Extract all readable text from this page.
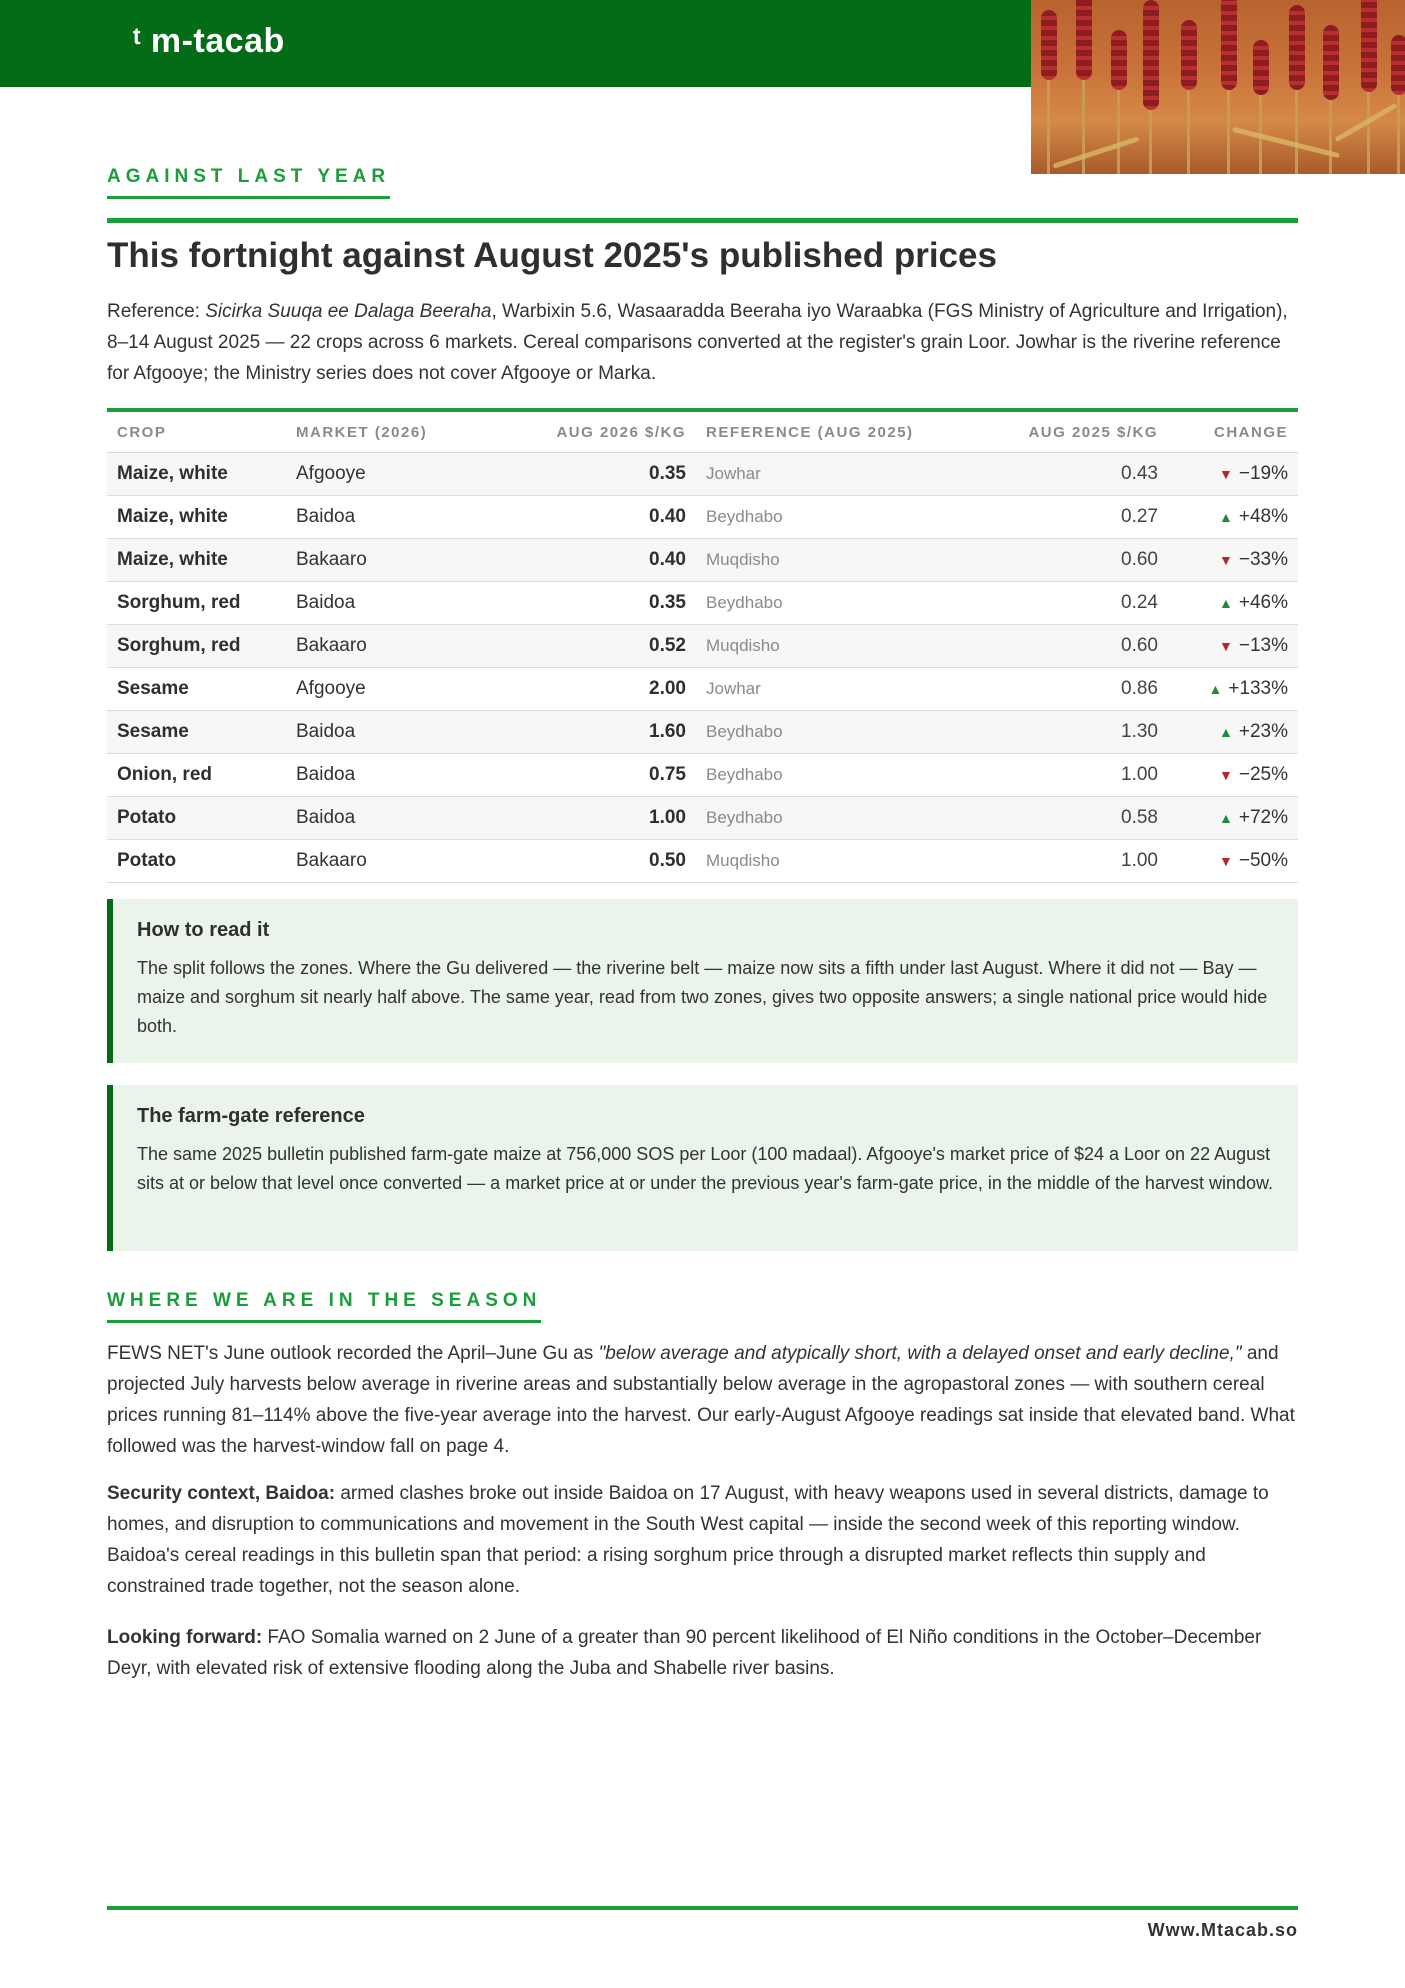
ᵗ m-tacab
AGAINST LAST YEAR
This fortnight against August 2025's published prices

Reference: Sicirka Suuqa ee Dalaga Beeraha, Warbixin 5.6, Wasaaradda Beeraha iyo Waraabka (FGS Ministry of Agriculture and Irrigation), 8–14 August 2025 — 22 crops across 6 markets. Cereal comparisons converted at the register's grain Loor. Jowhar is the riverine reference for Afgooye; the Ministry series does not cover Afgooye or Marka.

CROP	MARKET (2026)	AUG 2026 $/KG	REFERENCE (AUG 2025)	AUG 2025 $/KG	CHANGE
Maize, white	Afgooye	0.35	Jowhar	0.43	▼ −19%
Maize, white	Baidoa	0.40	Beydhabo	0.27	▲ +48%
Maize, white	Bakaaro	0.40	Muqdisho	0.60	▼ −33%
Sorghum, red	Baidoa	0.35	Beydhabo	0.24	▲ +46%
Sorghum, red	Bakaaro	0.52	Muqdisho	0.60	▼ −13%
Sesame	Afgooye	2.00	Jowhar	0.86	▲ +133%
Sesame	Baidoa	1.60	Beydhabo	1.30	▲ +23%
Onion, red	Baidoa	0.75	Beydhabo	1.00	▼ −25%
Potato	Baidoa	1.00	Beydhabo	0.58	▲ +72%
Potato	Bakaaro	0.50	Muqdisho	1.00	▼ −50%
How to read it

The split follows the zones. Where the Gu delivered — the riverine belt — maize now sits a fifth under last August. Where it did not — Bay — maize and sorghum sit nearly half above. The same year, read from two zones, gives two opposite answers; a single national price would hide both.

The farm-gate reference

The same 2025 bulletin published farm-gate maize at 756,000 SOS per Loor (100 madaal). Afgooye's market price of $24 a Loor on 22 August sits at or below that level once converted — a market price at or under the previous year's farm-gate price, in the middle of the harvest window.

WHERE WE ARE IN THE SEASON

FEWS NET's June outlook recorded the April–June Gu as "below average and atypically short, with a delayed onset and early decline," and projected July harvests below average in riverine areas and substantially below average in the agropastoral zones — with southern cereal prices running 81–114% above the five-year average into the harvest. Our early-August Afgooye readings sat inside that elevated band. What followed was the harvest-window fall on page 4.

Security context, Baidoa: armed clashes broke out inside Baidoa on 17 August, with heavy weapons used in several districts, damage to homes, and disruption to communications and movement in the South West capital — inside the second week of this reporting window. Baidoa's cereal readings in this bulletin span that period: a rising sorghum price through a disrupted market reflects thin supply and constrained trade together, not the season alone.

Looking forward: FAO Somalia warned on 2 June of a greater than 90 percent likelihood of El Niño conditions in the October–December Deyr, with elevated risk of extensive flooding along the Juba and Shabelle river basins.

Www.Mtacab.so
